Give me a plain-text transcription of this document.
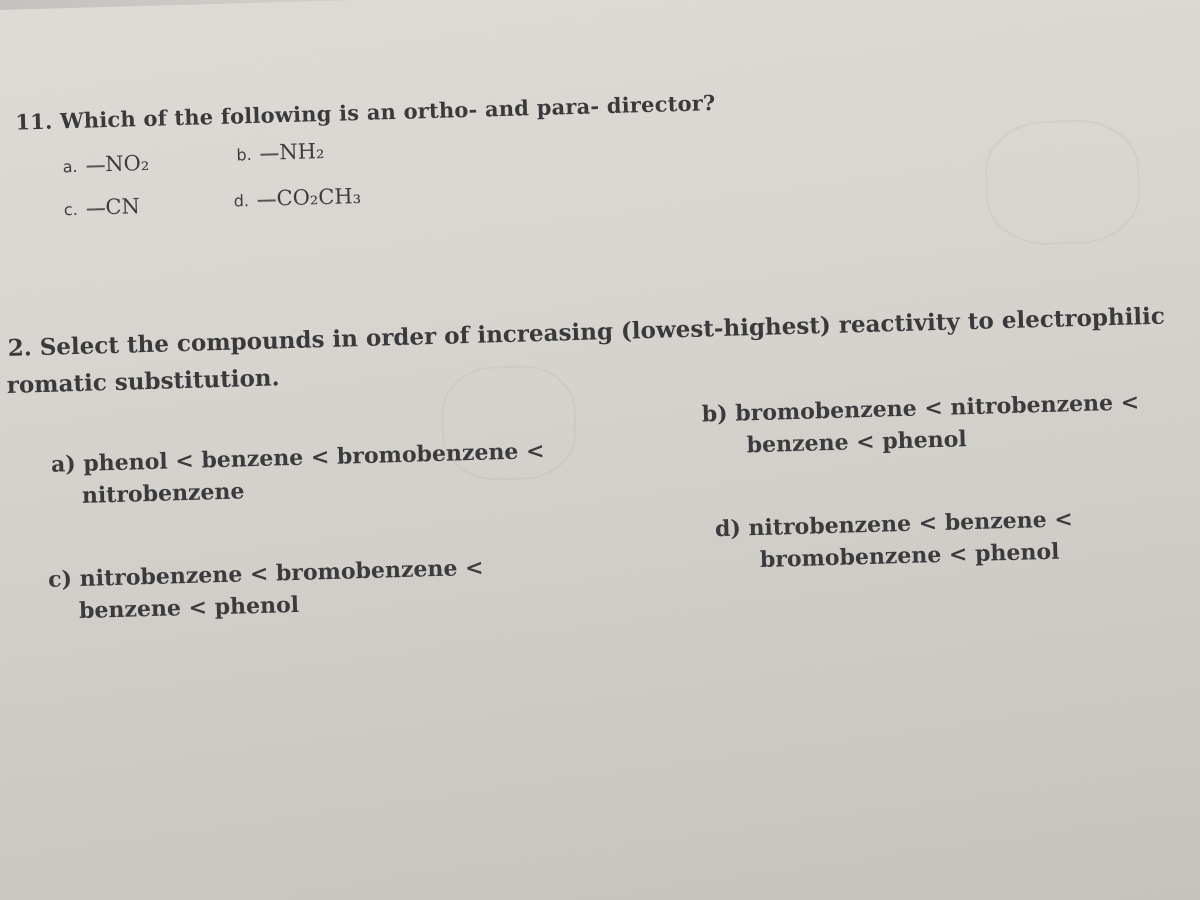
11. Which of the following is an ortho- and para- director?
a. NO₂	b. NH₂
c. CN	d. CO₂CH₃
2. Select the compounds in order of increasing (lowest-highest) reactivity to electrophilic
romatic substitution.
a) phenol < benzene < bromobenzene <
nitrobenzene
b) bromobenzene < nitrobenzene <
benzene < phenol
c) nitrobenzene < bromobenzene <
benzene < phenol
d) nitrobenzene < benzene <
bromobenzene < phenol
